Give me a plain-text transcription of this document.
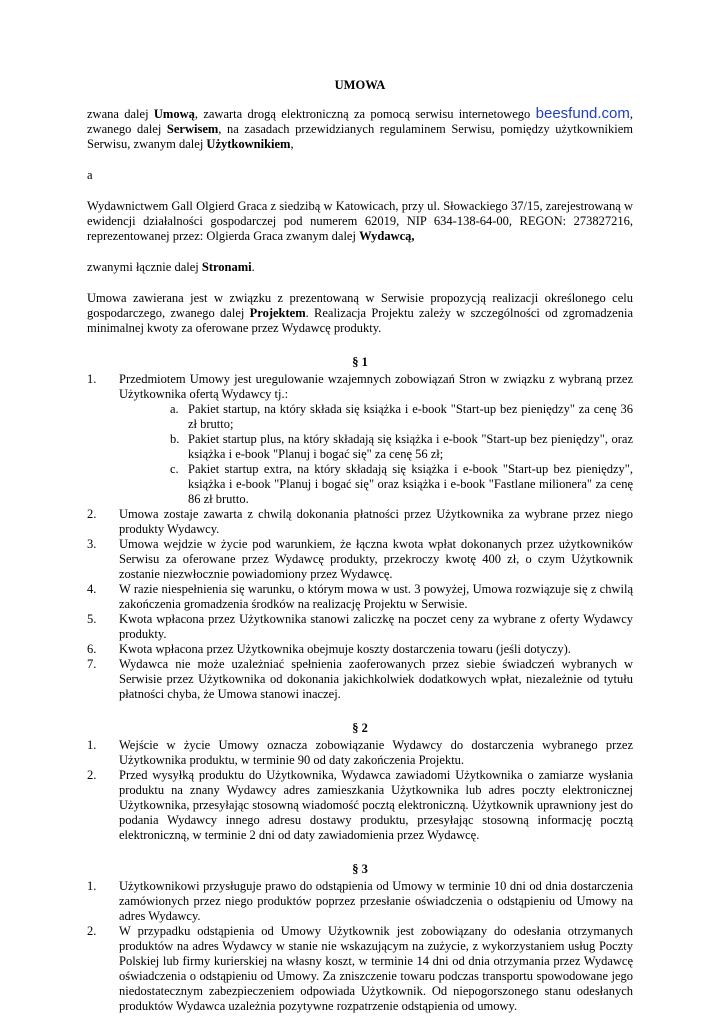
UMOWA

zwana dalej Umową, zawarta drogą elektroniczną za pomocą serwisu internetowego beesfund.com, zwanego dalej Serwisem, na zasadach przewidzianych regulaminem Serwisu, pomiędzy użytkownikiem Serwisu, zwanym dalej Użytkownikiem,

a

Wydawnictwem Gall Olgierd Graca z siedzibą w Katowicach, przy ul. Słowackiego 37/15, zarejestrowaną w ewidencji działalności gospodarczej pod numerem 62019, NIP 634-138-64-00, REGON: 273827216, reprezentowanej przez: Olgierda Graca zwanym dalej Wydawcą,

zwanymi łącznie dalej Stronami.

Umowa zawierana jest w związku z prezentowaną w Serwisie propozycją realizacji określonego celu gospodarczego, zwanego dalej Projektem. Realizacja Projektu zależy w szczególności od zgromadzenia minimalnej kwoty za oferowane przez Wydawcę produkty.

§ 1
1. Przedmiotem Umowy jest uregulowanie wzajemnych zobowiązań Stron w związku z wybraną przez Użytkownika ofertą Wydawcy tj.:
a. Pakiet startup, na który składa się książka i e-book "Start-up bez pieniędzy" za cenę 36 zł brutto;
b. Pakiet startup plus, na który składają się książka i e-book "Start-up bez pieniędzy", oraz książka i e-book "Planuj i bogać się" za cenę 56 zł;
c. Pakiet startup extra, na który składają się książka i e-book "Start-up bez pieniędzy", książka i e-book "Planuj i bogać się" oraz książka i e-book "Fastlane milionera" za cenę 86 zł brutto.
2. Umowa zostaje zawarta z chwilą dokonania płatności przez Użytkownika za wybrane przez niego produkty Wydawcy.
3. Umowa wejdzie w życie pod warunkiem, że łączna kwota wpłat dokonanych przez użytkowników Serwisu za oferowane przez Wydawcę produkty, przekroczy kwotę 400 zł, o czym Użytkownik zostanie niezwłocznie powiadomiony przez Wydawcę.
4. W razie niespełnienia się warunku, o którym mowa w ust. 3 powyżej, Umowa rozwiązuje się z chwilą zakończenia gromadzenia środków na realizację Projektu w Serwisie.
5. Kwota wpłacona przez Użytkownika stanowi zaliczkę na poczet ceny za wybrane z oferty Wydawcy produkty.
6. Kwota wpłacona przez Użytkownika obejmuje koszty dostarczenia towaru (jeśli dotyczy).
7. Wydawca nie może uzależniać spełnienia zaoferowanych przez siebie świadczeń wybranych w Serwisie przez Użytkownika od dokonania jakichkolwiek dodatkowych wpłat, niezależnie od tytułu płatności chyba, że Umowa stanowi inaczej.
§ 2
1. Wejście w życie Umowy oznacza zobowiązanie Wydawcy do dostarczenia wybranego przez Użytkownika produktu, w terminie 90 od daty zakończenia Projektu.
2. Przed wysyłką produktu do Użytkownika, Wydawca zawiadomi Użytkownika o zamiarze wysłania produktu na znany Wydawcy adres zamieszkania Użytkownika lub adres poczty elektronicznej Użytkownika, przesyłając stosowną wiadomość pocztą elektroniczną. Użytkownik uprawniony jest do podania Wydawcy innego adresu dostawy produktu, przesyłając stosowną informację pocztą elektroniczną, w terminie 2 dni od daty zawiadomienia przez Wydawcę.
§ 3
1. Użytkownikowi przysługuje prawo do odstąpienia od Umowy w terminie 10 dni od dnia dostarczenia zamówionych przez niego produktów poprzez przesłanie oświadczenia o odstąpieniu od Umowy na adres Wydawcy.
2. W przypadku odstąpienia od Umowy Użytkownik jest zobowiązany do odesłania otrzymanych produktów na adres Wydawcy w stanie nie wskazującym na zużycie, z wykorzystaniem usług Poczty Polskiej lub firmy kurierskiej na własny koszt, w terminie 14 dni od dnia otrzymania przez Wydawcę oświadczenia o odstąpieniu od Umowy. Za zniszczenie towaru podczas transportu spowodowane jego niedostatecznym zabezpieczeniem odpowiada Użytkownik. Od niepogorszonego stanu odesłanych produktów Wydawca uzależnia pozytywne rozpatrzenie odstąpienia od umowy.
